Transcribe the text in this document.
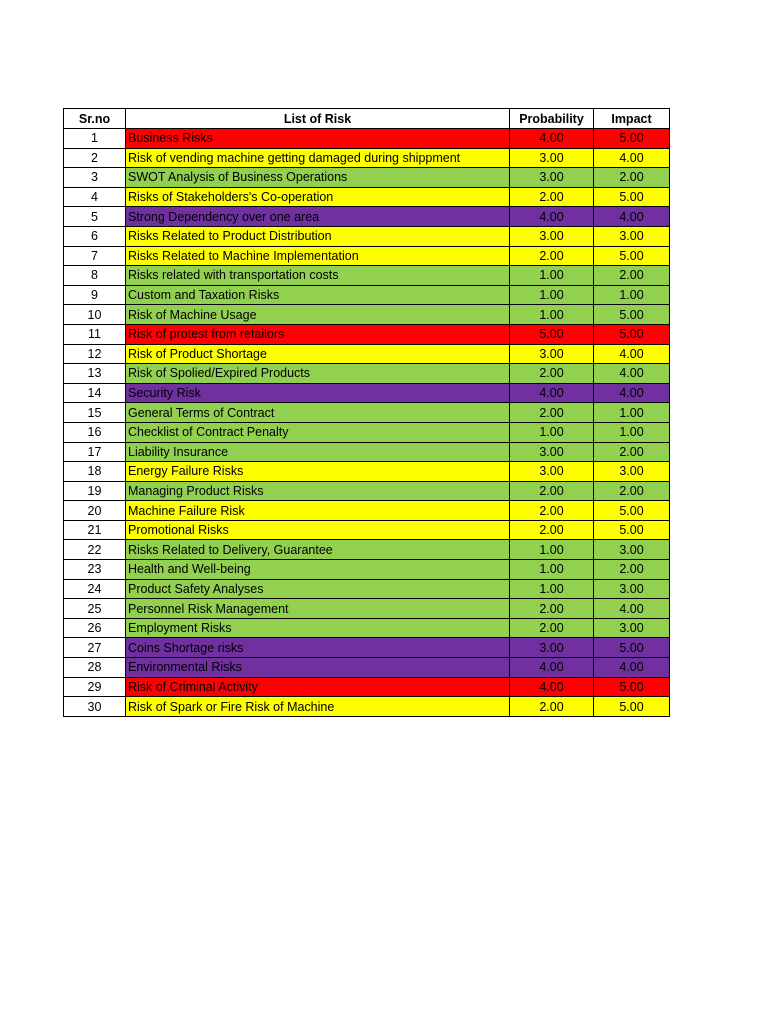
Sr.no	List of Risk	Probability	Impact
1	Business Risks	4.00	5.00
2	Risk of vending machine getting damaged during shippment	3.00	4.00
3	SWOT Analysis of Business Operations	3.00	2.00
4	Risks of Stakeholders's Co-operation	2.00	5.00
5	Strong Dependency over one area	4.00	4.00
6	Risks Related to Product Distribution	3.00	3.00
7	Risks Related to Machine Implementation	2.00	5.00
8	Risks related with transportation costs	1.00	2.00
9	Custom and Taxation Risks	1.00	1.00
10	Risk of Machine Usage	1.00	5.00
11	Risk of protest from retailors	5.00	5.00
12	Risk of Product Shortage	3.00	4.00
13	Risk of Spolied/Expired Products	2.00	4.00
14	Security Risk	4.00	4.00
15	General Terms of Contract	2.00	1.00
16	Checklist of Contract Penalty	1.00	1.00
17	Liability Insurance	3.00	2.00
18	Energy Failure Risks	3.00	3.00
19	Managing Product Risks	2.00	2.00
20	Machine Failure Risk	2.00	5.00
21	Promotional Risks	2.00	5.00
22	Risks Related to Delivery, Guarantee	1.00	3.00
23	Health and Well-being	1.00	2.00
24	Product Safety Analyses	1.00	3.00
25	Personnel Risk Management	2.00	4.00
26	Employment Risks	2.00	3.00
27	Coins Shortage risks	3.00	5.00
28	Environmental Risks	4.00	4.00
29	Risk of Criminal Activity	4.00	5.00
30	Risk of Spark or Fire Risk of Machine	2.00	5.00
